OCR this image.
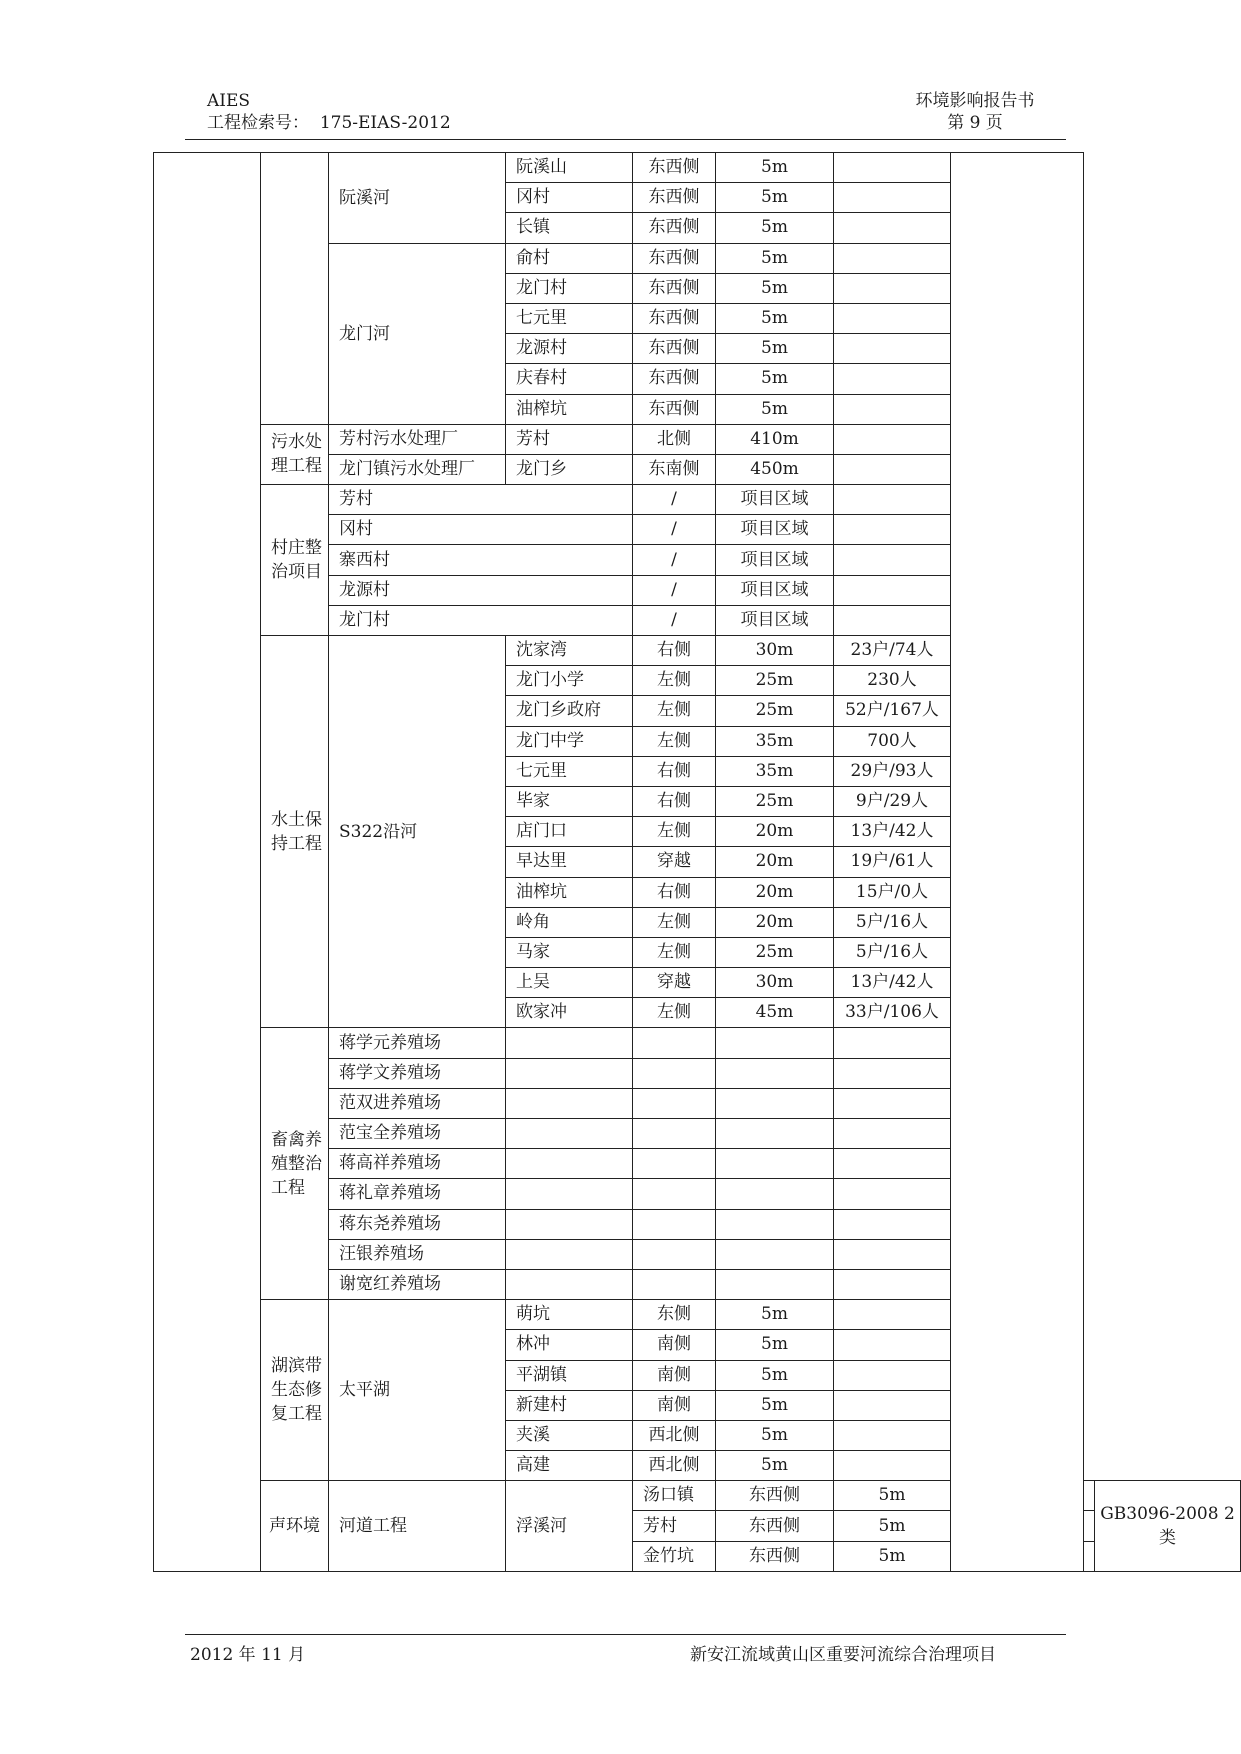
AIES
工程检索号： 175-EIAS-2012
环境影响报告书
第 9 页
		阮溪河	阮溪山	东西侧	5m				
			冈村	东西侧	5m				
			长镇	东西侧	5m				
		龙门河	俞村	东西侧	5m				
			龙门村	东西侧	5m				
			七元里	东西侧	5m				
			龙源村	东西侧	5m				
			庆春村	东西侧	5m				
			油榨坑	东西侧	5m				
	污水处理工程	芳村污水处理厂	芳村	北侧	410m				
		龙门镇污水处理厂	龙门乡	东南侧	450m				
	村庄整治项目	芳村		/	项目区域				
		冈村		/	项目区域				
		寨西村		/	项目区域				
		龙源村		/	项目区域				
		龙门村		/	项目区域				
	水土保持工程	S322沿河	沈家湾	右侧	30m	23户/74人			
			龙门小学	左侧	25m	230人			
			龙门乡政府	左侧	25m	52户/167人			
			龙门中学	左侧	35m	700人			
			七元里	右侧	35m	29户/93人			
			毕家	右侧	25m	9户/29人			
			店门口	左侧	20m	13户/42人			
			早达里	穿越	20m	19户/61人			
			油榨坑	右侧	20m	15户/0人			
			岭角	左侧	20m	5户/16人			
			马家	左侧	25m	5户/16人			
			上吴	穿越	30m	13户/42人			
			欧家冲	左侧	45m	33户/106人			
	畜禽养殖整治工程	蒋学元养殖场							
		蒋学文养殖场							
		范双进养殖场							
		范宝全养殖场							
		蒋高祥养殖场							
		蒋礼章养殖场							
		蒋东尧养殖场							
		汪银养殖场							
		谢宽红养殖场							
	湖滨带生态修复工程	太平湖	萌坑	东侧	5m				
			林冲	南侧	5m				
			平湖镇	南侧	5m				
			新建村	南侧	5m				
			夹溪	西北侧	5m				
			高建	西北侧	5m				
	声环境	河道工程	浮溪河	汤口镇	东西侧	5m			GB3096-2008 2类
				芳村	东西侧	5m			
				金竹坑	东西侧	5m			
2012 年 11 月	新安江流域黄山区重要河流综合治理项目
